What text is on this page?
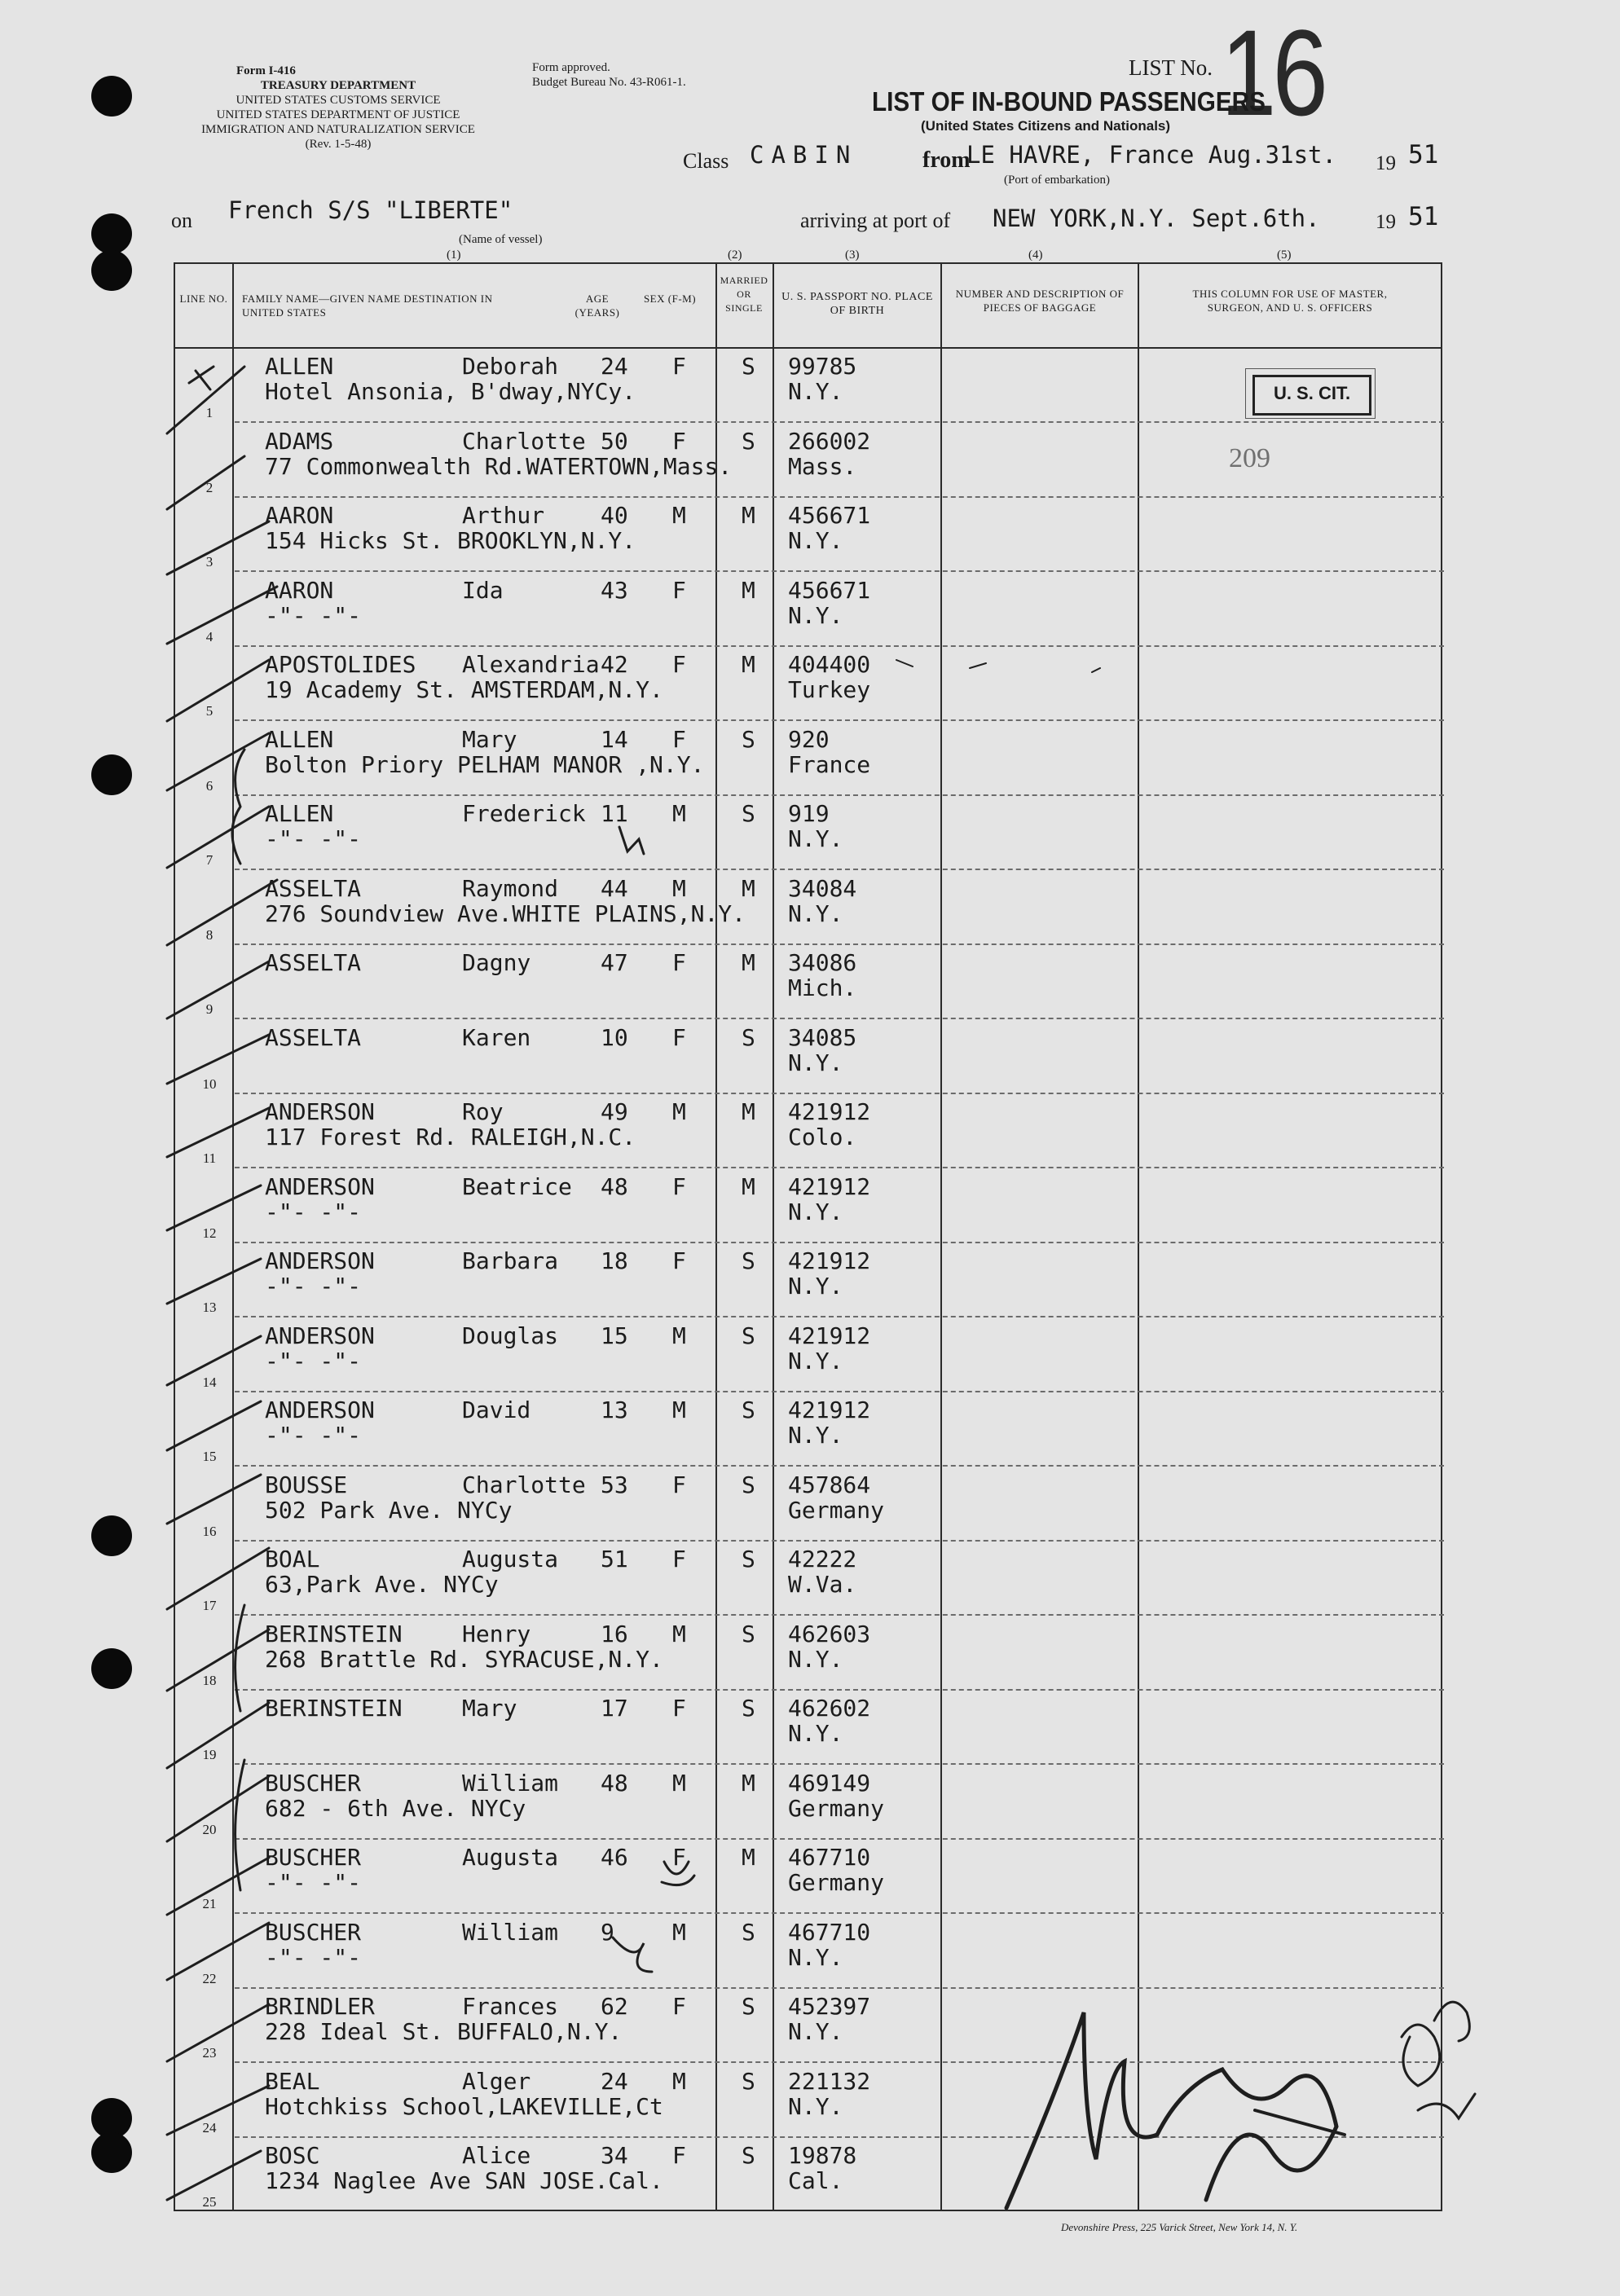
Form I-416
TREASURY DEPARTMENT
UNITED STATES CUSTOMS SERVICE
UNITED STATES DEPARTMENT OF JUSTICE
IMMIGRATION AND NATURALIZATION SERVICE
(Rev. 1-5-48)
Form approved.
Budget Bureau No. 43-R061-1.
LIST No. 16
LIST OF IN-BOUND PASSENGERS
(United States Citizens and Nationals)
Class CABIN	from
LE HAVRE, France Aug.31st. 19 51
(Port of embarkation)
on French S/S "LIBERTE"
(Name of vessel)
arriving at port of NEW YORK,N.Y. Sept.6th.	19 51
(1)	(2)	(3)	(4)	(5)
LINE NO.	FAMILY NAME—GIVEN NAME DESTINATION IN UNITED STATES
AGE (YEARS)
SEX (F-M)
MARRIED OR SINGLE
U. S. PASSPORT NO. PLACE OF BIRTH
NUMBER AND DESCRIPTION OF PIECES OF BAGGAGE
THIS COLUMN FOR USE OF MASTER, SURGEON, AND U. S. OFFICERS
1
ALLEN	Deborah 24 F S 99785
Hotel Ansonia, B'dway,NYCy.	N.Y.
2
ADAMS	Charlotte 50 F S 266002
77 Commonwealth Rd.WATERTOWN,Mass. Mass.
3
AARON	Arthur 40 M M 456671
154 Hicks St. BROOKLYN,N.Y.	N.Y.
4
AARON	Ida	43 F M 456671
-"- -"-	N.Y.
5
APOSTOLIDES Alexandria 42 F M 404400
19 Academy St. AMSTERDAM,N.Y.	Turkey
6
ALLEN	Mary	14 F S 920
Bolton Priory PELHAM MANOR ,N.Y.	France
7
ALLEN	Frederick 11 M S 919
-"- -"-	N.Y.
8
ASSELTA	Raymond 44 M M 34084
276 Soundview Ave.WHITE PLAINS,N.Y. N.Y.
9
ASSELTA	Dagny	47 F M 34086
Mich.
10
ASSELTA	Karen	10 F S 34085
N.Y.
11
ANDERSON	Roy	49 M M 421912
117 Forest Rd. RALEIGH,N.C.	Colo.
12
ANDERSON	Beatrice 48 F M 421912
-"- -"-	N.Y.
13
ANDERSON	Barbara 18 F S 421912
-"- -"-	N.Y.
14
ANDERSON	Douglas 15 M S 421912
-"- -"-	N.Y.
15
ANDERSON	David	13 M S 421912
-"- -"-	N.Y.
16
BOUSSE	Charlotte 53 F S 457864
502 Park Ave. NYCy	Germany
17
BOAL	Augusta 51 F S 42222
63,Park Ave. NYCy	W.Va.
18
BERINSTEIN	Henry	16 M S 462603
268 Brattle Rd. SYRACUSE,N.Y.	N.Y.
19
BERINSTEIN	Mary	17 F S 462602
N.Y.
20
BUSCHER	William 48 M M 469149
682 - 6th Ave. NYCy	Germany
21
BUSCHER	Augusta 46 F M 467710
-"- -"-	Germany
22
BUSCHER	William 9	M S 467710
-"- -"-	N.Y.
23
BRINDLER	Frances 62 F S 452397
228 Ideal St. BUFFALO,N.Y.	N.Y.
24
BEAL	Alger	24 M S 221132
Hotchkiss School,LAKEVILLE,Ct	N.Y.
25
BOSC	Alice	34 F S 19878
1234 Naglee Ave SAN JOSE.Cal.	Cal.
U. S. CIT.
209
Devonshire Press, 225 Varick Street, New York 14, N. Y.
